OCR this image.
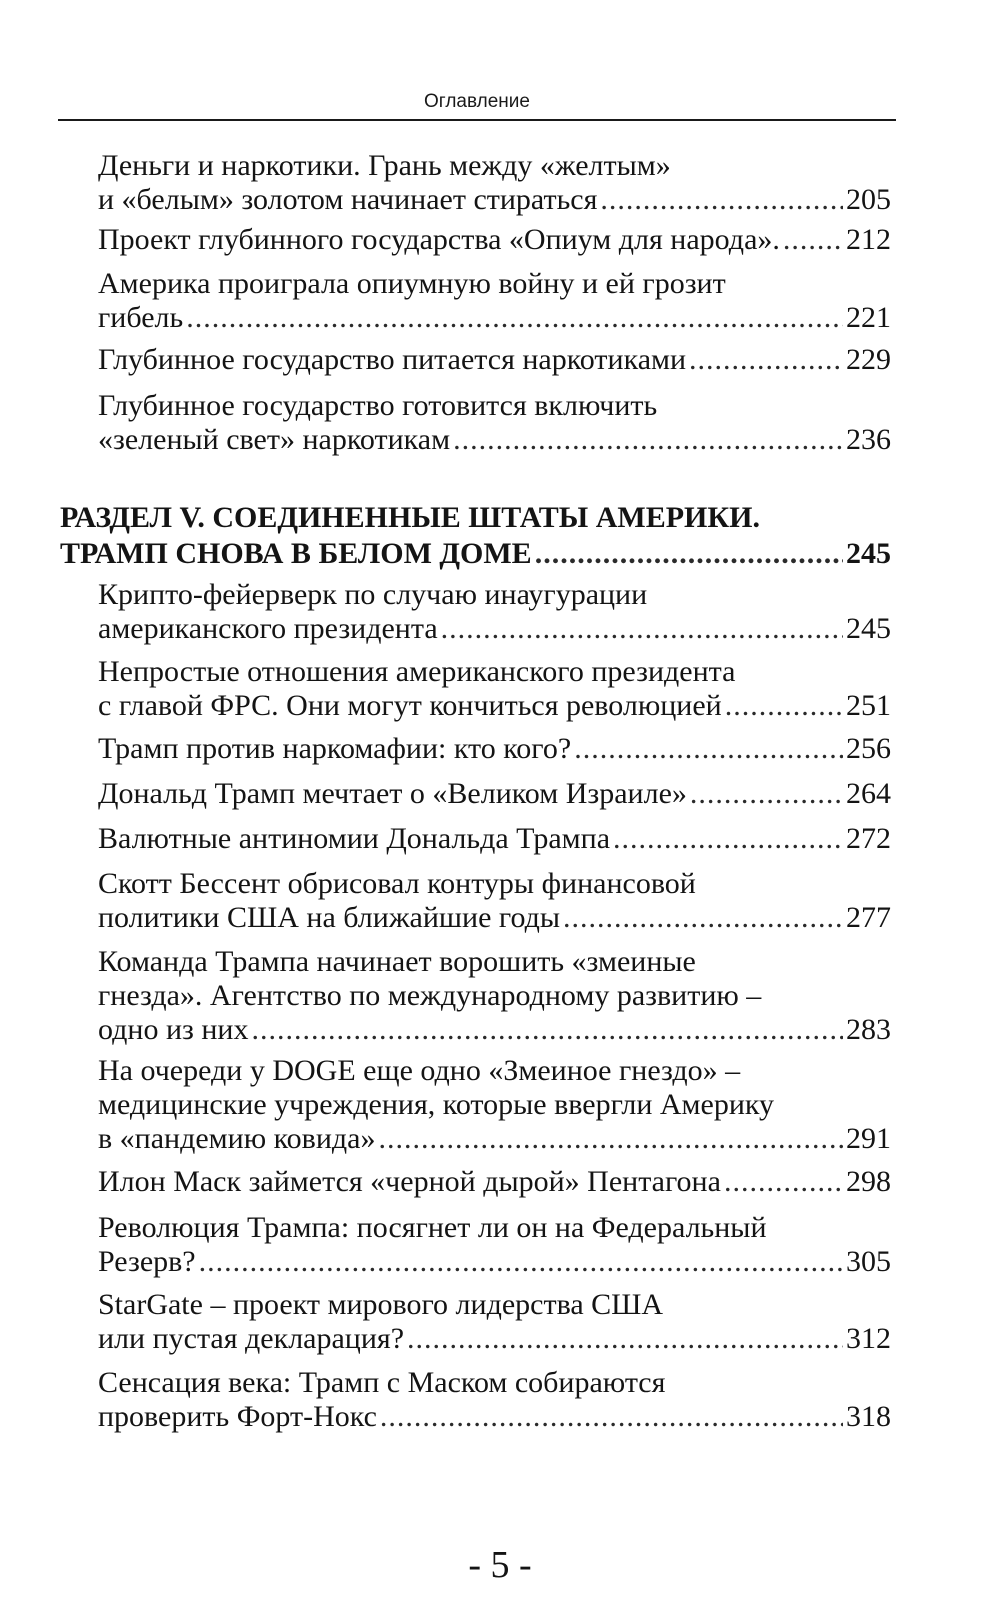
Оглавление
Деньги и наркотики. Грань между «желтым»
и «белым» золотом начинает стираться .....	205
Проект глубинного государства «Опиум для народа». ..... 212
Америка проиграла опиумную войну и ей грозит
гибель .....	221
Глубинное государство питается наркотиками .....	229
Глубинное государство готовится включить
«зеленый свет» наркотикам .....	236
РАЗДЕЛ V. СОЕДИНЕННЫЕ ШТАТЫ АМЕРИКИ.
ТРАМП СНОВА В БЕЛОМ ДОМЕ .....	245
Крипто-фейерверк по случаю инаугурации
американского президента .....	245
Непростые отношения американского президента
с главой ФРС. Они могут кончиться революцией .....	251
Трамп против наркомафии: кто кого? .....	256
Дональд Трамп мечтает о «Великом Израиле» .....	264
Валютные антиномии Дональда Трампа .....	272
Скотт Бессент обрисовал контуры финансовой
политики США на ближайшие годы .....	277
Команда Трампа начинает ворошить «змеиные
гнезда». Агентство по международному развитию –
одно из них .....	283
На очереди у DOGE еще одно «Змеиное гнездо» –
медицинские учреждения, которые ввергли Америку
в «пандемию ковида» .....	291
Илон Маск займется «черной дырой» Пентагона .....	298
Революция Трампа: посягнет ли он на Федеральный
Резерв? .....	305
StarGate – проект мирового лидерства США
или пустая декларация? .....	312
Сенсация века: Трамп с Маском собираются
проверить Форт-Нокс .....	318
- 5 -
